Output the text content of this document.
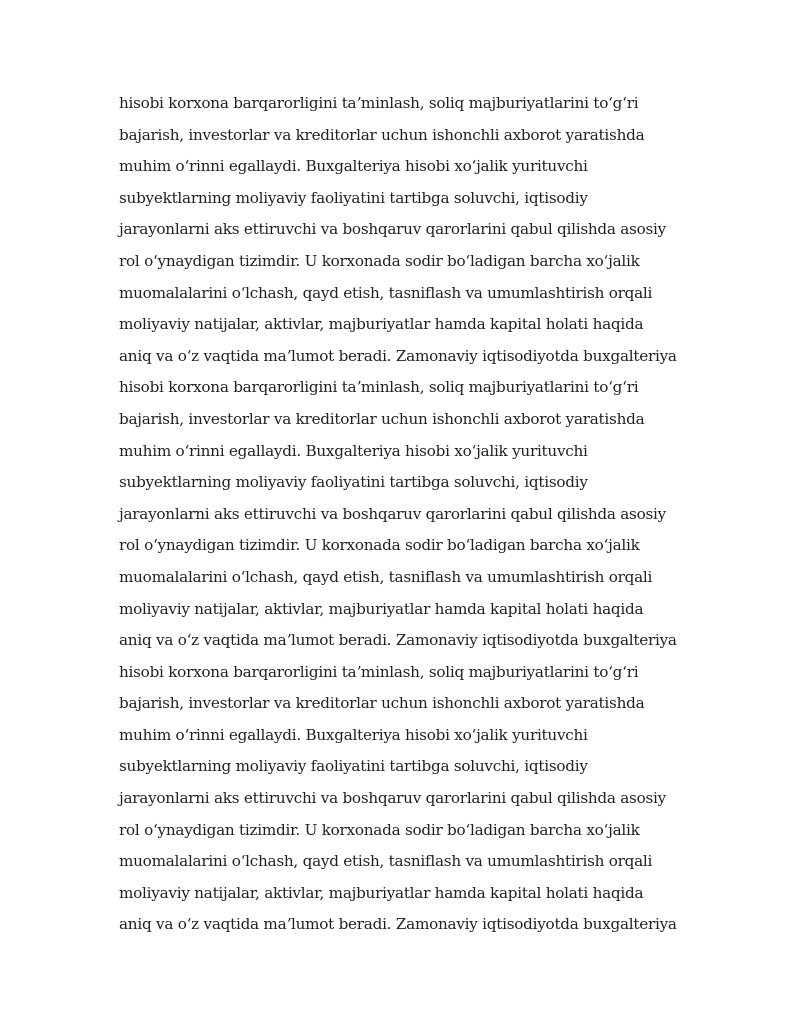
hisobi korxona barqarorligini taʼminlash, soliq majburiyatlarini toʻgʻri
bajarish, investorlar va kreditorlar uchun ishonchli axborot yaratishda
muhim oʻrinni egallaydi. Buxgalteriya hisobi xoʻjalik yurituvchi
subyektlarning moliyaviy faoliyatini tartibga soluvchi, iqtisodiy
jarayonlarni aks ettiruvchi va boshqaruv qarorlarini qabul qilishda asosiy
rol oʻynaydigan tizimdir. U korxonada sodir boʻladigan barcha xoʻjalik
muomalalarini oʻlchash, qayd etish, tasniflash va umumlashtirish orqali
moliyaviy natijalar, aktivlar, majburiyatlar hamda kapital holati haqida
aniq va oʻz vaqtida maʼlumot beradi. Zamonaviy iqtisodiyotda buxgalteriya
hisobi korxona barqarorligini taʼminlash, soliq majburiyatlarini toʻgʻri
bajarish, investorlar va kreditorlar uchun ishonchli axborot yaratishda
muhim oʻrinni egallaydi. Buxgalteriya hisobi xoʻjalik yurituvchi
subyektlarning moliyaviy faoliyatini tartibga soluvchi, iqtisodiy
jarayonlarni aks ettiruvchi va boshqaruv qarorlarini qabul qilishda asosiy
rol oʻynaydigan tizimdir. U korxonada sodir boʻladigan barcha xoʻjalik
muomalalarini oʻlchash, qayd etish, tasniflash va umumlashtirish orqali
moliyaviy natijalar, aktivlar, majburiyatlar hamda kapital holati haqida
aniq va oʻz vaqtida maʼlumot beradi. Zamonaviy iqtisodiyotda buxgalteriya
hisobi korxona barqarorligini taʼminlash, soliq majburiyatlarini toʻgʻri
bajarish, investorlar va kreditorlar uchun ishonchli axborot yaratishda
muhim oʻrinni egallaydi. Buxgalteriya hisobi xoʻjalik yurituvchi
subyektlarning moliyaviy faoliyatini tartibga soluvchi, iqtisodiy
jarayonlarni aks ettiruvchi va boshqaruv qarorlarini qabul qilishda asosiy
rol oʻynaydigan tizimdir. U korxonada sodir boʻladigan barcha xoʻjalik
muomalalarini oʻlchash, qayd etish, tasniflash va umumlashtirish orqali
moliyaviy natijalar, aktivlar, majburiyatlar hamda kapital holati haqida
aniq va oʻz vaqtida maʼlumot beradi. Zamonaviy iqtisodiyotda buxgalteriya
